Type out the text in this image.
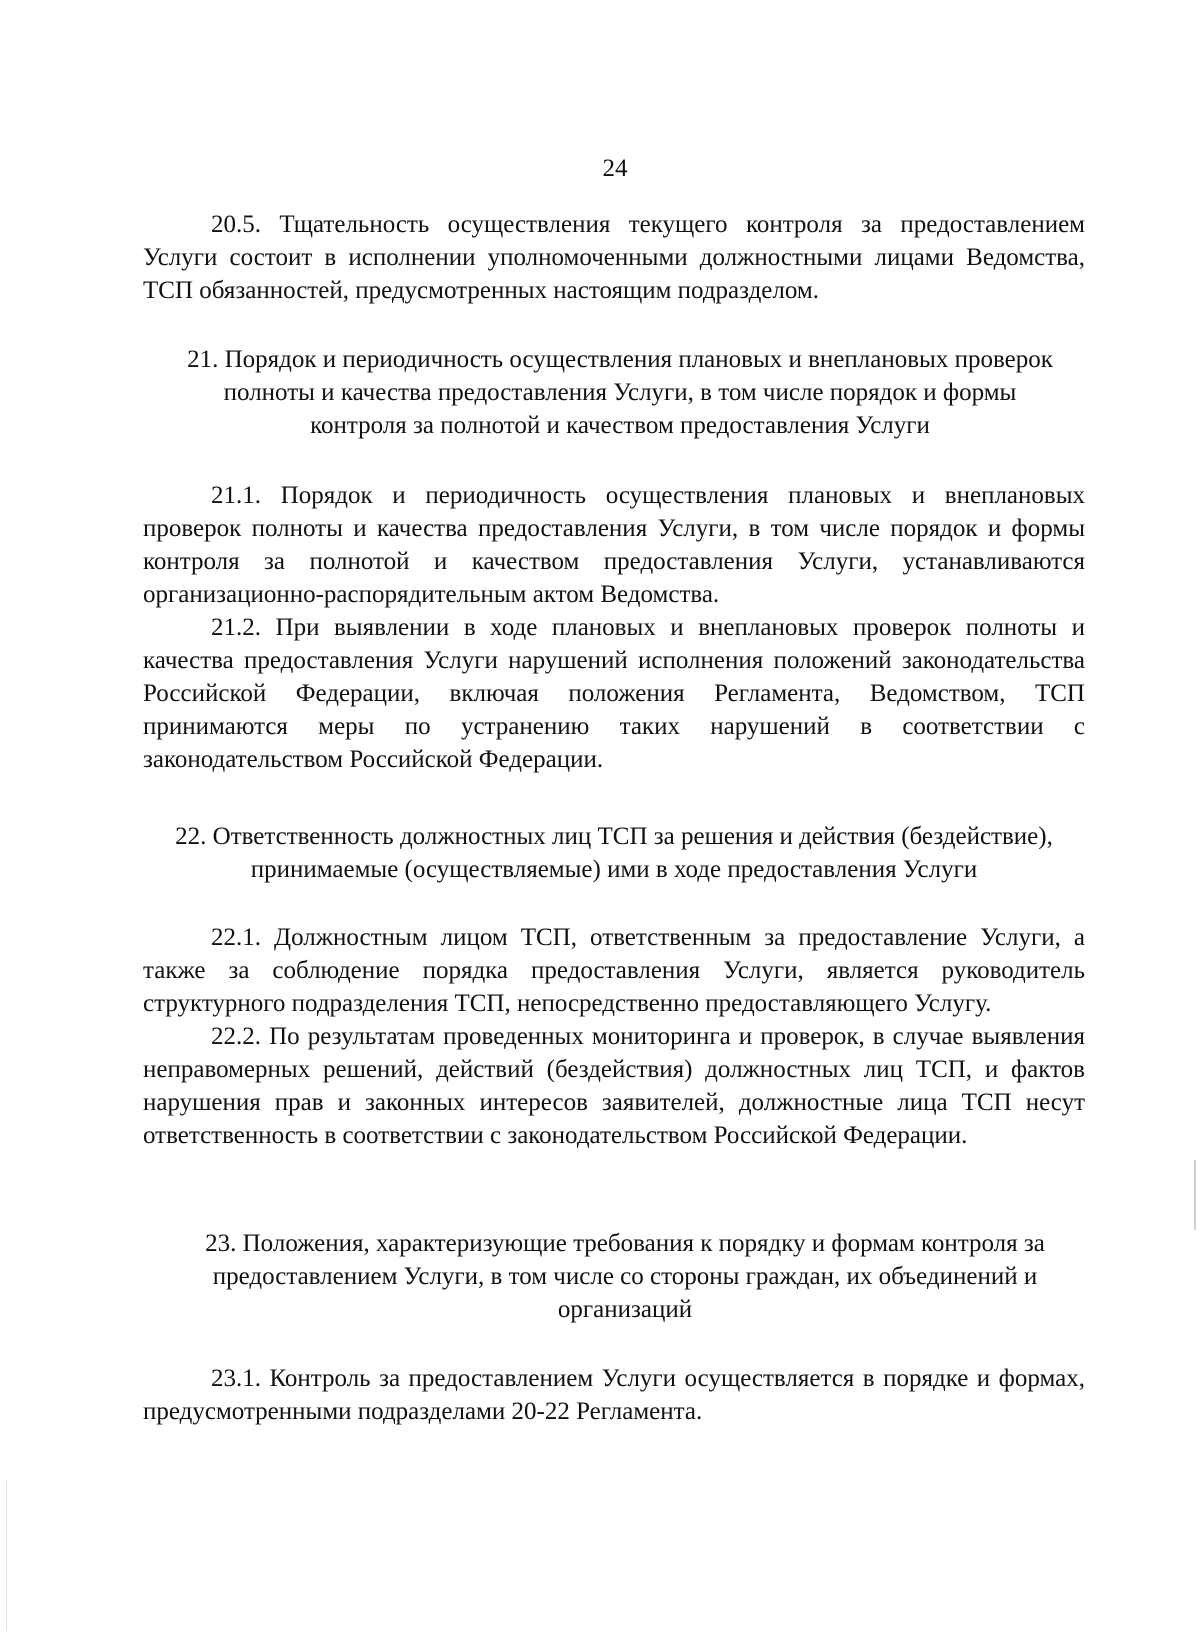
24

20.5. Тщательность осуществления текущего контроля за предоставлением Услуги состоит в исполнении уполномоченными должностными лицами Ведомства, ТСП обязанностей, предусмотренных настоящим подразделом.

21. Порядок и периодичность осуществления плановых и внеплановых проверок полноты и качества предоставления Услуги, в том числе порядок и формы контроля за полнотой и качеством предоставления Услуги

21.1. Порядок и периодичность осуществления плановых и внеплановых проверок полноты и качества предоставления Услуги, в том числе порядок и формы контроля за полнотой и качеством предоставления Услуги, устанавливаются организационно-распорядительным актом Ведомства.

21.2. При выявлении в ходе плановых и внеплановых проверок полноты и качества предоставления Услуги нарушений исполнения положений законодательства Российской Федерации, включая положения Регламента, Ведомством, ТСП принимаются меры по устранению таких нарушений в соответствии с законодательством Российской Федерации.

22. Ответственность должностных лиц ТСП за решения и действия (бездействие), принимаемые (осуществляемые) ими в ходе предоставления Услуги

22.1. Должностным лицом ТСП, ответственным за предоставление Услуги, а также за соблюдение порядка предоставления Услуги, является руководитель структурного подразделения ТСП, непосредственно предоставляющего Услугу.

22.2. По результатам проведенных мониторинга и проверок, в случае выявления неправомерных решений, действий (бездействия) должностных лиц ТСП, и фактов нарушения прав и законных интересов заявителей, должностные лица ТСП несут ответственность в соответствии с законодательством Российской Федерации.

23. Положения, характеризующие требования к порядку и формам контроля за предоставлением Услуги, в том числе со стороны граждан, их объединений и организаций

23.1. Контроль за предоставлением Услуги осуществляется в порядке и формах, предусмотренными подразделами 20-22 Регламента.
